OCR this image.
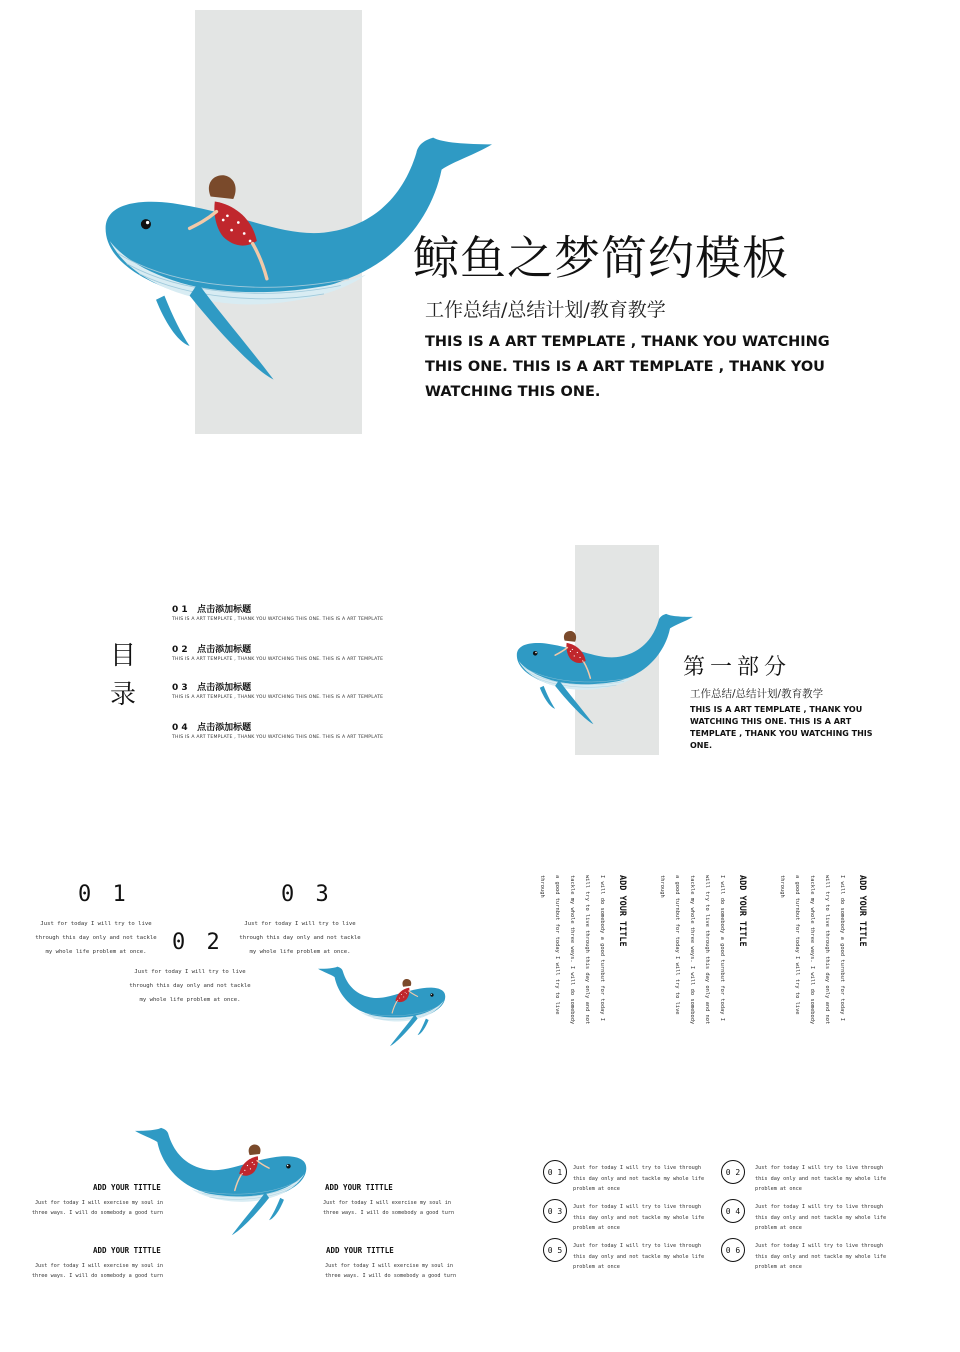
鲸鱼之梦简约模板
工作总结/总结计划/教育教学
THIS IS A ART TEMPLATE , THANK YOU WATCHING THIS ONE. THIS IS A ART TEMPLATE , THANK YOU WATCHING THIS ONE.
目
录
0 1 点击添加标题
THIS IS A ART TEMPLATE , THANK YOU WATCHING THIS ONE. THIS IS A ART TEMPLATE
0 2 点击添加标题
THIS IS A ART TEMPLATE , THANK YOU WATCHING THIS ONE. THIS IS A ART TEMPLATE
0 3 点击添加标题
THIS IS A ART TEMPLATE , THANK YOU WATCHING THIS ONE. THIS IS A ART TEMPLATE
0 4 点击添加标题
THIS IS A ART TEMPLATE , THANK YOU WATCHING THIS ONE. THIS IS A ART TEMPLATE
第一部分
工作总结/总结计划/教育教学
THIS IS A ART TEMPLATE , THANK YOU WATCHING THIS ONE. THIS IS A ART TEMPLATE , THANK YOU WATCHING THIS ONE.
0 1
Just for today I will try to live
through this day only and not tackle
my whole life problem at once.	0 2
Just for today I will try to live
through this day only and not tackle
my whole life problem at once.
0 3
Just for today I will try to live
through this day only and not tackle
my whole life problem at once.
ADD YOUR TITLE
I will do somebody a good turnbut for today I will try to live through this day only and not tackle my whole three ways. I will do somebody a good turnbut for today I will try to live through	ADD YOUR TITLE
I will do somebody a good turnbut for today I will try to live through this day only and not tackle my whole three ways. I will do somebody a good turnbut for today I will try to live through	ADD YOUR TITLE
I will do somebody a good turnbut for today I will try to live through this day only and not tackle my whole three ways. I will do somebody a good turnbut for today I will try to live through
ADD YOUR TITTLE
Just for today I will exercise my soul in three ways. I will do somebody a good turn
ADD YOUR TITTLE
Just for today I will exercise my soul in three ways. I will do somebody a good turn
ADD YOUR TITTLE
Just for today I will exercise my soul in three ways. I will do somebody a good turn
ADD YOUR TITTLE
Just for today I will exercise my soul in three ways. I will do somebody a good turn
0 1	Just for today I will try to live through this day only and not tackle my whole life problem at once
0 2	Just for today I will try to live through this day only and not tackle my whole life problem at once
0 3	Just for today I will try to live through this day only and not tackle my whole life problem at once
0 4	Just for today I will try to live through this day only and not tackle my whole life problem at once
0 5	Just for today I will try to live through this day only and not tackle my whole life problem at once
0 6	Just for today I will try to live through this day only and not tackle my whole life problem at once
